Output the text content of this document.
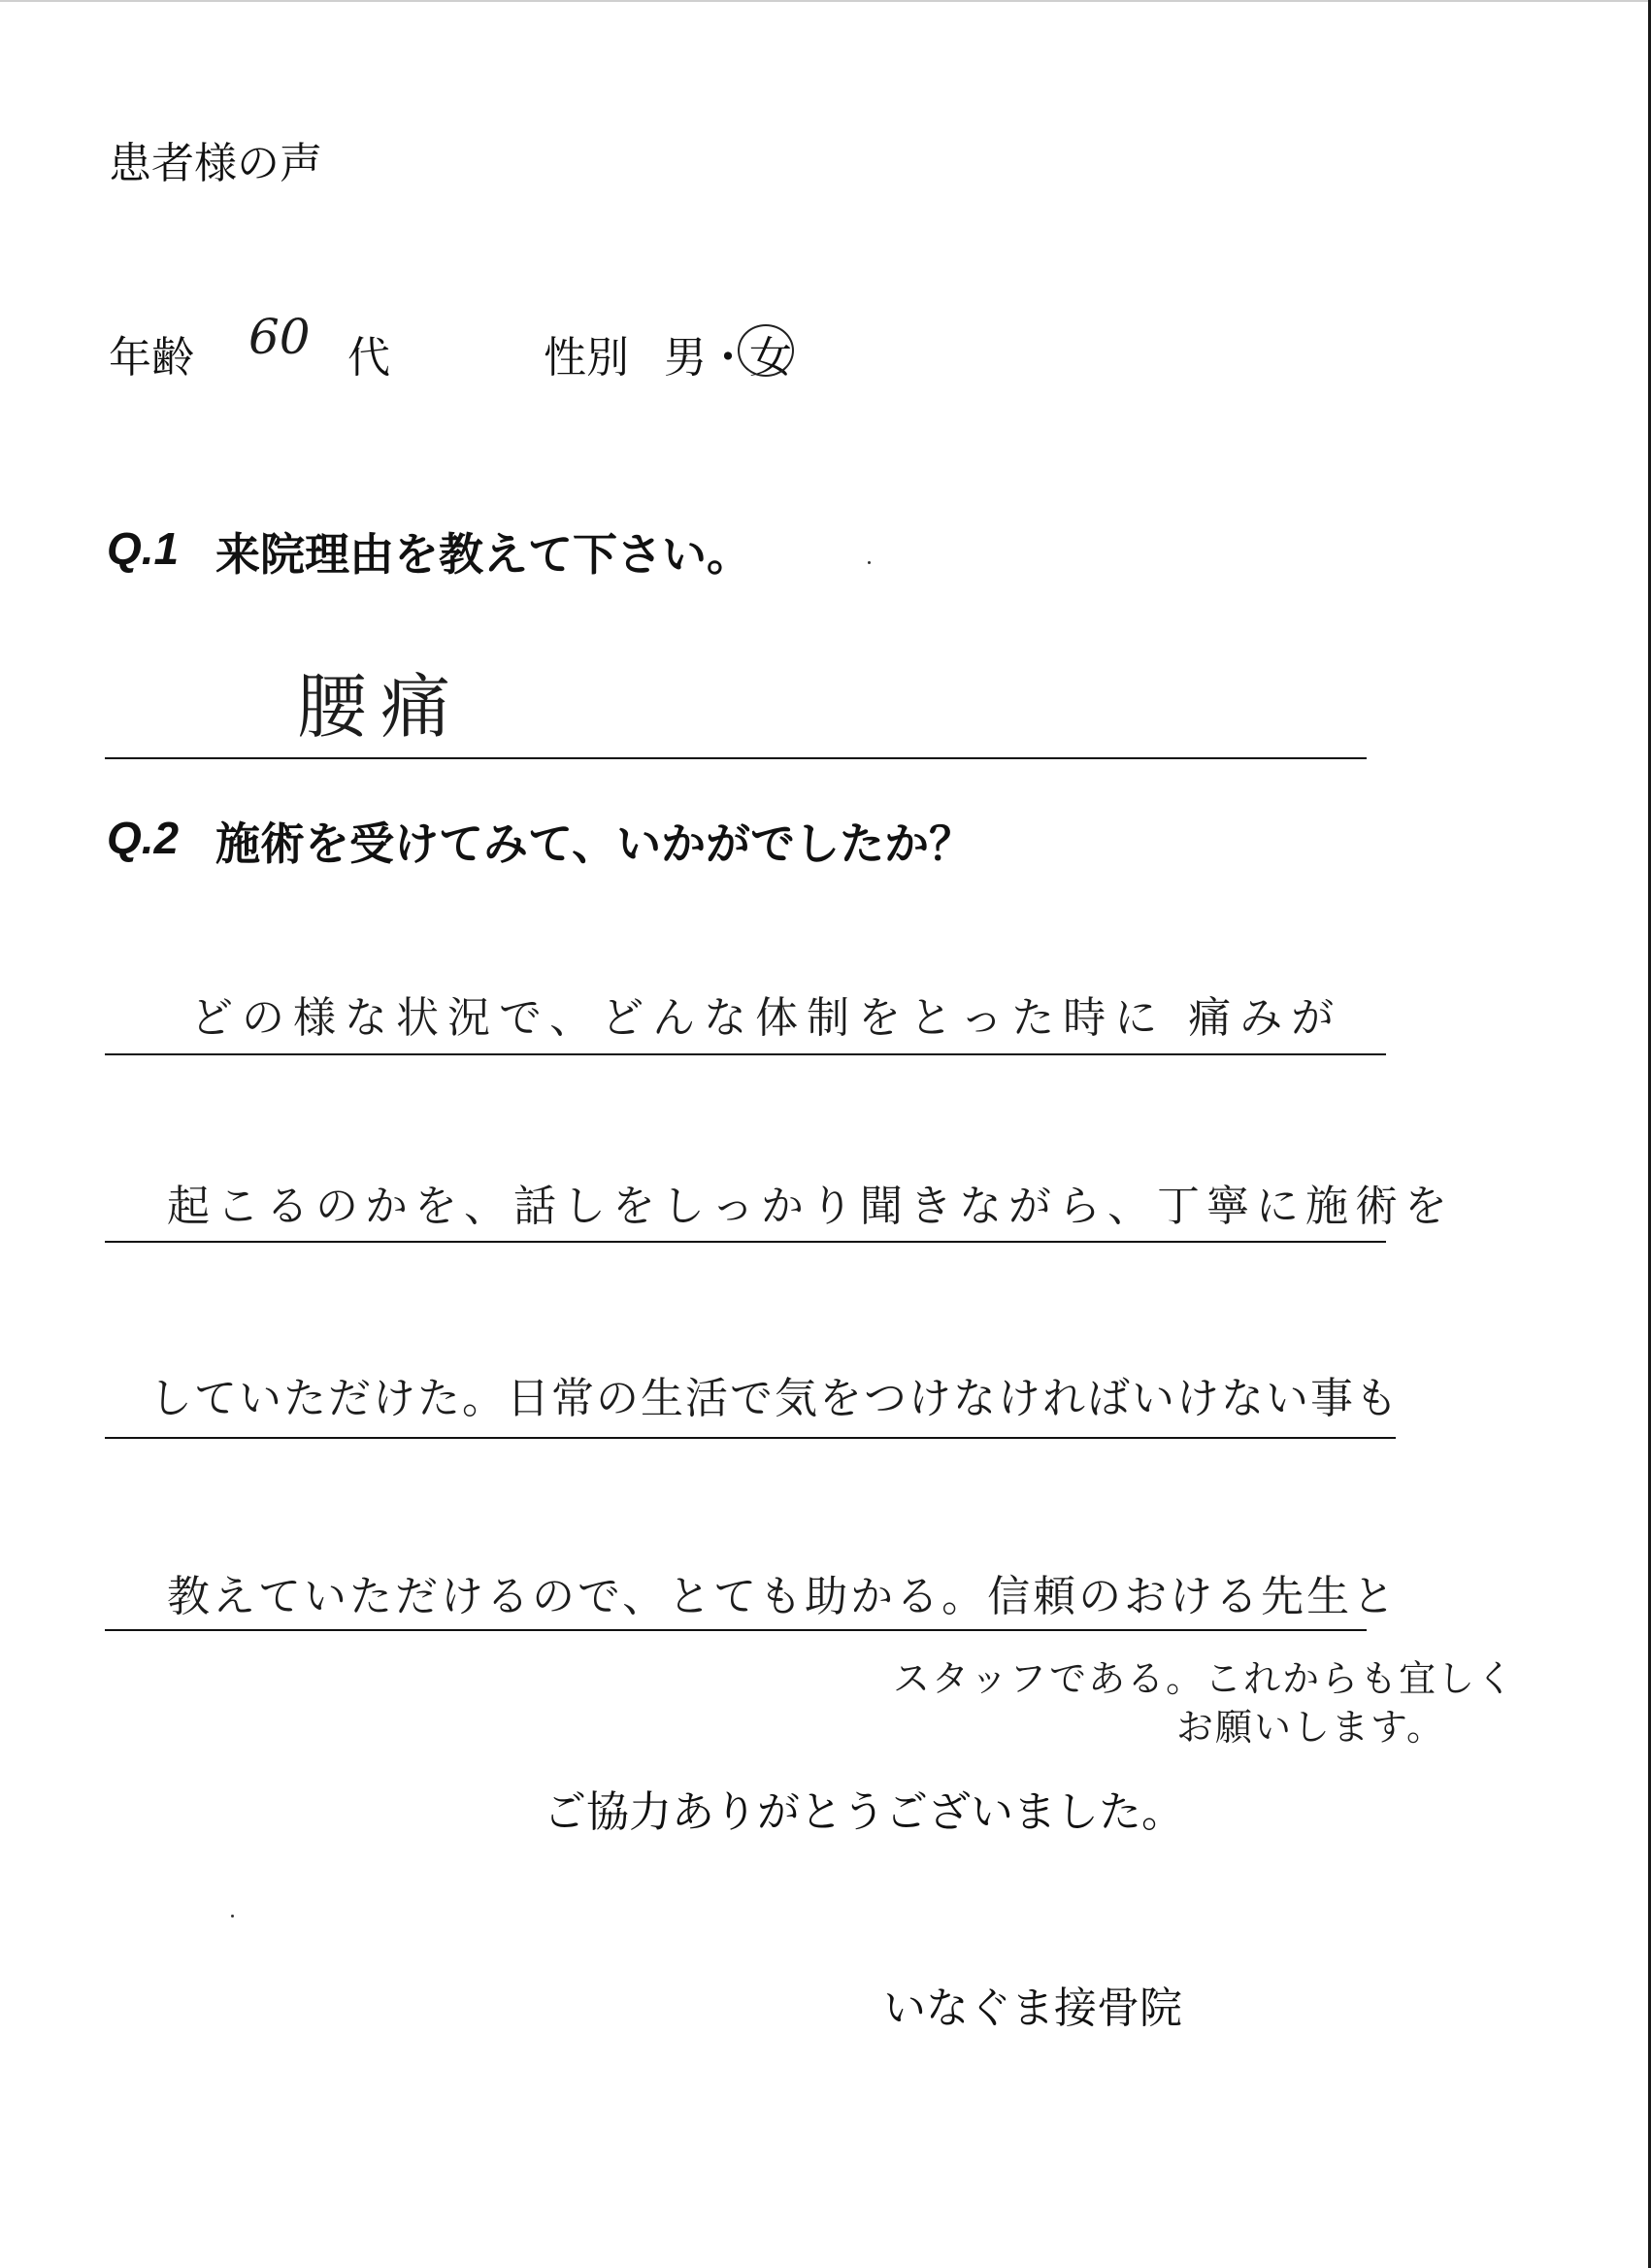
患者様の声
年齢 60 代	性別 男・女
Q.1 来院理由を教えて下さい。
腰痛
Q.2 施術を受けてみて、いかがでしたか？
どの様な状況で、どんな体制をとった時に 痛みが
起こるのかを、話しをしっかり聞きながら、丁寧に施術を
していただけた。日常の生活で気をつけなければいけない事も
教えていただけるので、とても助かる。信頼のおける先生と
スタッフである。これからも宜しく
お願いします。
ご協力ありがとうございました。
いなぐま接骨院
